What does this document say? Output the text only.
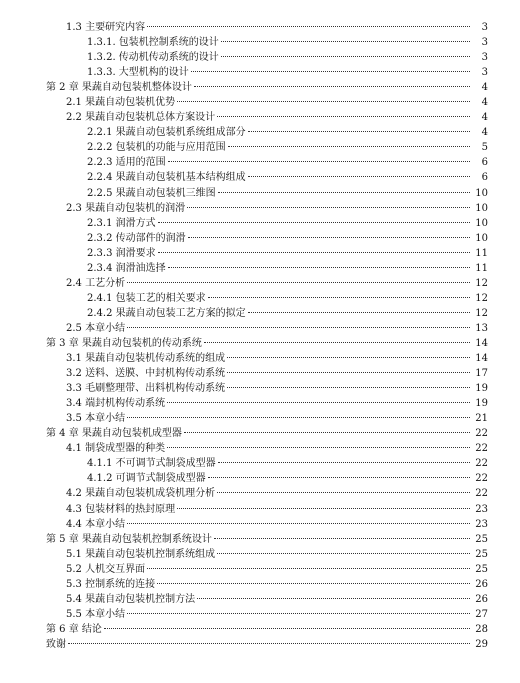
1.3 主要研究内容	3
1.3.1. 包装机控制系统的设计	3
1.3.2. 传动机传动系统的设计	3
1.3.3. 大型机构的设计	3
第 2 章 果蔬自动包装机整体设计	4
2.1 果蔬自动包装机优势	4
2.2 果蔬自动包装机总体方案设计	4
2.2.1 果蔬自动包装机系统组成部分	4
2.2.2 包装机的功能与应用范围	5
2.2.3 适用的范围	6
2.2.4 果蔬自动包装机基本结构组成	6
2.2.5 果蔬自动包装机三维图	10
2.3 果蔬自动包装机的润滑	10
2.3.1 润滑方式	10
2.3.2 传动部件的润滑	10
2.3.3 润滑要求	11
2.3.4 润滑油选择	11
2.4 工艺分析	12
2.4.1 包装工艺的相关要求	12
2.4.2 果蔬自动包装工艺方案的拟定	12
2.5 本章小结	13
第 3 章 果蔬自动包装机的传动系统	14
3.1 果蔬自动包装机传动系统的组成	14
3.2 送料、送膜、中封机构传动系统	17
3.3 毛刷整理带、出料机构传动系统	19
3.4 端封机构传动系统	19
3.5 本章小结	21
第 4 章 果蔬自动包装机成型器	22
4.1 制袋成型器的种类	22
4.1.1 不可调节式制袋成型器	22
4.1.2 可调节式制袋成型器	22
4.2 果蔬自动包装机成袋机理分析	22
4.3 包装材料的热封原理	23
4.4 本章小结	23
第 5 章 果蔬自动包装机控制系统设计	25
5.1 果蔬自动包装机控制系统组成	25
5.2 人机交互界面	25
5.3 控制系统的连接	26
5.4 果蔬自动包装机控制方法	26
5.5 本章小结	27
第 6 章 结论	28
致谢	29
